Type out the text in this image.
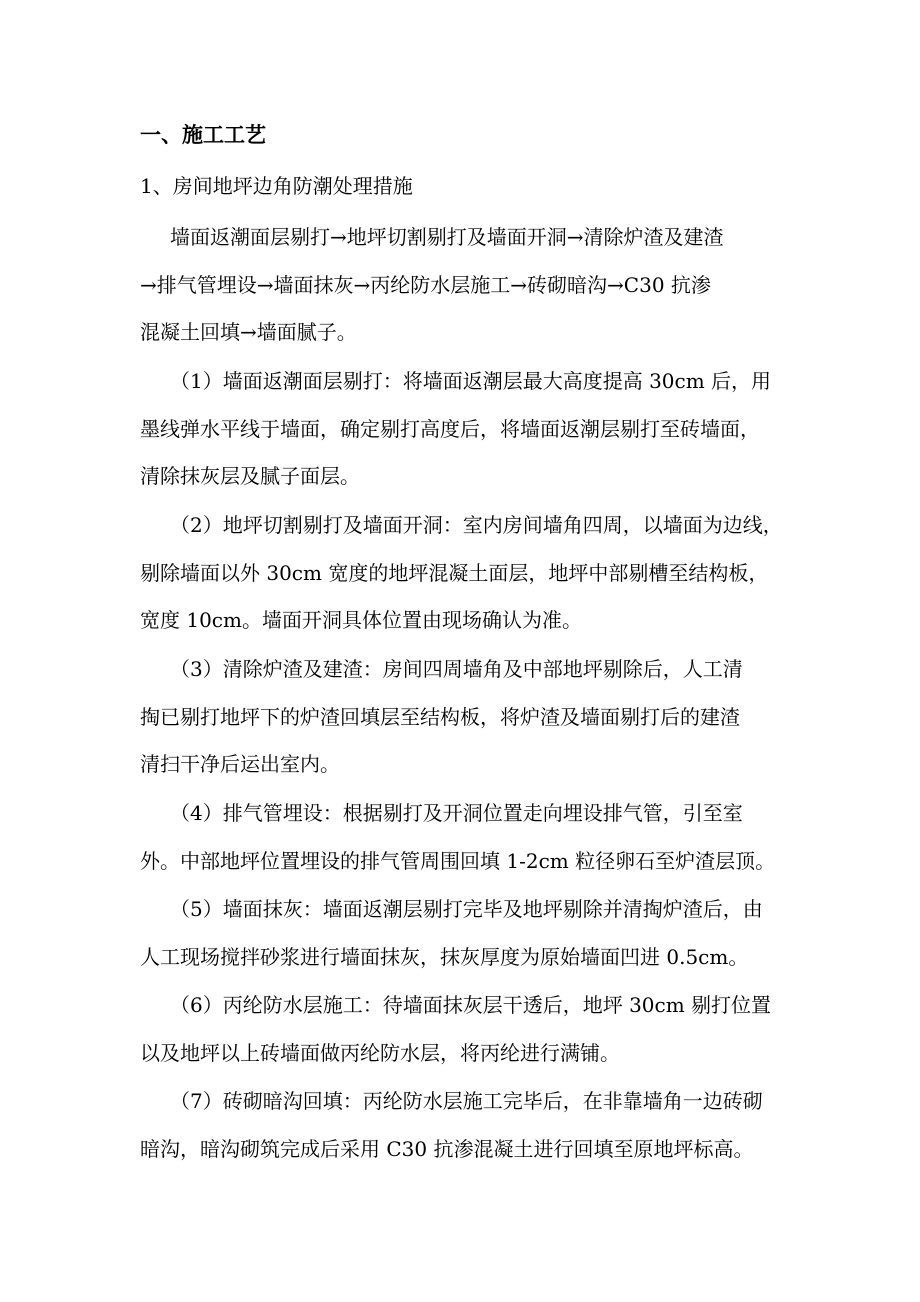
一、施工工艺
1、房间地坪边角防潮处理措施
墙面返潮面层剔打→地坪切割剔打及墙面开洞→清除炉渣及建渣
→排气管埋设→墙面抹灰→丙纶防水层施工→砖砌暗沟→C30 抗渗
混凝土回填→墙面腻子。
（1）墙面返潮面层剔打：将墙面返潮层最大高度提高 30cm 后，用
墨线弹水平线于墙面，确定剔打高度后，将墙面返潮层剔打至砖墙面，
清除抹灰层及腻子面层。
（2）地坪切割剔打及墙面开洞：室内房间墙角四周，以墙面为边线，
剔除墙面以外 30cm 宽度的地坪混凝土面层，地坪中部剔槽至结构板，
宽度 10cm。墙面开洞具体位置由现场确认为准。
（3）清除炉渣及建渣：房间四周墙角及中部地坪剔除后，人工清
掏已剔打地坪下的炉渣回填层至结构板，将炉渣及墙面剔打后的建渣
清扫干净后运出室内。
（4）排气管埋设：根据剔打及开洞位置走向埋设排气管，引至室
外。中部地坪位置埋设的排气管周围回填 1-2cm 粒径卵石至炉渣层顶。
（5）墙面抹灰：墙面返潮层剔打完毕及地坪剔除并清掏炉渣后，由
人工现场搅拌砂浆进行墙面抹灰，抹灰厚度为原始墙面凹进 0.5cm。
（6）丙纶防水层施工：待墙面抹灰层干透后，地坪 30cm 剔打位置
以及地坪以上砖墙面做丙纶防水层，将丙纶进行满铺。
（7）砖砌暗沟回填：丙纶防水层施工完毕后，在非靠墙角一边砖砌
暗沟，暗沟砌筑完成后采用 C30 抗渗混凝土进行回填至原地坪标高。
